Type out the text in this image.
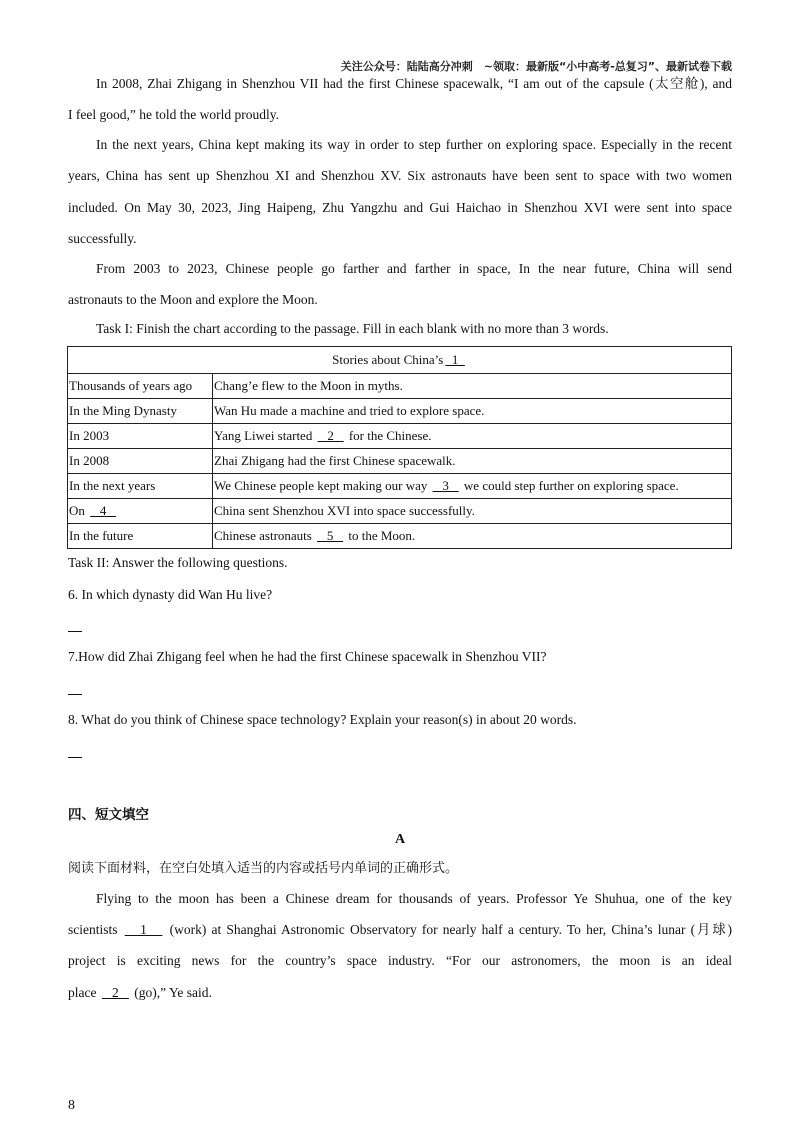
关注公众号：陆陆高分冲刺　~领取：最新版“小中高考-总复习”、最新试卷下载
In 2008, Zhai Zhigang in Shenzhou VII had the first Chinese spacewalk, “I am out of the capsule (太空舱), and
I feel good,” he told the world proudly.
In the next years, China kept making its way in order to step further on exploring space. Especially in the recent
years, China has sent up Shenzhou XI and Shenzhou XV. Six astronauts have been sent to space with two women
included. On May 30, 2023, Jing Haipeng, Zhu Yangzhu and Gui Haichao in Shenzhou XVI were sent into space
successfully.
From 2003 to 2023, Chinese people go farther and farther in space, In the near future, China will send
astronauts to the Moon and explore the Moon.
Task I: Finish the chart according to the passage. Fill in each blank with no more than 3 words.
Stories about China’s  1	
Thousands of years ago	Chang’e flew to the Moon in myths.
In the Ming Dynasty	Wan Hu made a machine and tried to explore space.
In 2003	Yang Liwei started    2    for the Chinese.
In 2008	Zhai Zhigang had the first Chinese spacewalk.
In the next years	We Chinese people kept making our way    3    we could step further on exploring space.
On    4	China sent Shenzhou XVI into space successfully.
In the future	Chinese astronauts    5    to the Moon.
Task II: Answer the following questions.
6. In which dynasty did Wan Hu live?
7.How did Zhai Zhigang feel when he had the first Chinese spacewalk in Shenzhou VII?
8. What do you think of Chinese space technology? Explain your reason(s) in about 20 words.
四、短文填空
A
阅读下面材料，在空白处填入适当的内容或括号内单词的正确形式。
Flying to the moon has been a Chinese dream for thousands of years. Professor Ye Shuhua, one of the key
scientists    1    (work) at Shanghai Astronomic Observatory for nearly half a century. To her, China’s lunar (月球)
project is exciting news for the country’s space industry. “For our astronomers, the moon is an ideal
place    2    (go),” Ye said.
8
